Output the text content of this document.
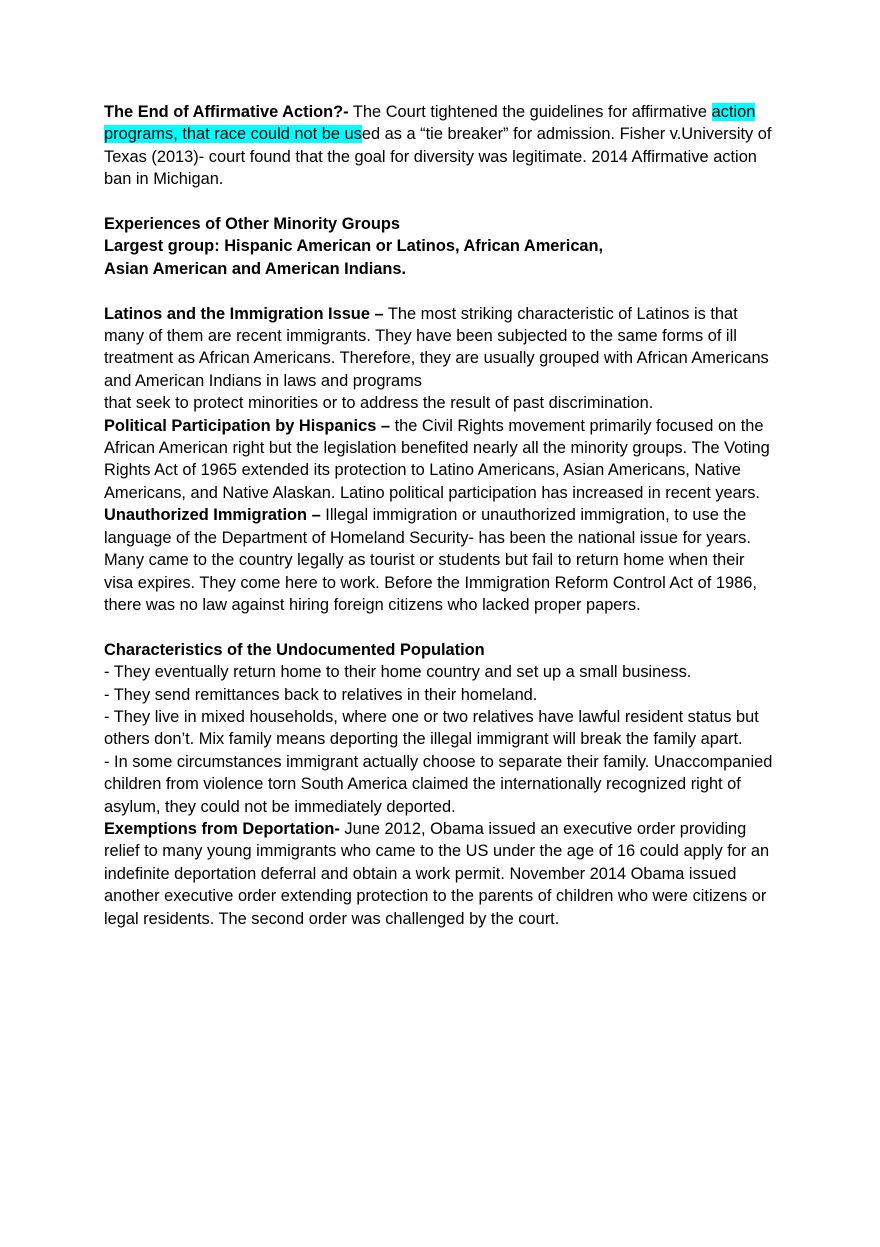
The End of Affirmative Action?- The Court tightened the guidelines for affirmative action programs, that race could not be used as a “tie breaker” for admission. Fisher v.University of Texas (2013)- court found that the goal for diversity was legitimate. 2014 Affirmative action ban in Michigan.

Experiences of Other Minority Groups

Largest group: Hispanic American or Latinos, African American,

Asian American and American Indians.

Latinos and the Immigration Issue – The most striking characteristic of Latinos is that many of them are recent immigrants. They have been subjected to the same forms of ill treatment as African Americans. Therefore, they are usually grouped with African Americans and American Indians in laws and programs

that seek to protect minorities or to address the result of past discrimination.

Political Participation by Hispanics – the Civil Rights movement primarily focused on the African American right but the legislation benefited nearly all the minority groups. The Voting Rights Act of 1965 extended its protection to Latino Americans, Asian Americans, Native Americans, and Native Alaskan. Latino political participation has increased in recent years.

Unauthorized Immigration – Illegal immigration or unauthorized immigration, to use the language of the Department of Homeland Security- has been the national issue for years. Many came to the country legally as tourist or students but fail to return home when their visa expires. They come here to work. Before the Immigration Reform Control Act of 1986, there was no law against hiring foreign citizens who lacked proper papers.

Characteristics of the Undocumented Population

- They eventually return home to their home country and set up a small business.

- They send remittances back to relatives in their homeland.

- They live in mixed households, where one or two relatives have lawful resident status but others don’t. Mix family means deporting the illegal immigrant will break the family apart.

- In some circumstances immigrant actually choose to separate their family. Unaccompanied children from violence torn South America claimed the internationally recognized right of asylum, they could not be immediately deported.

Exemptions from Deportation- June 2012, Obama issued an executive order providing relief to many young immigrants who came to the US under the age of 16 could apply for an indefinite deportation deferral and obtain a work permit. November 2014 Obama issued another executive order extending protection to the parents of children who were citizens or legal residents. The second order was challenged by the court.
